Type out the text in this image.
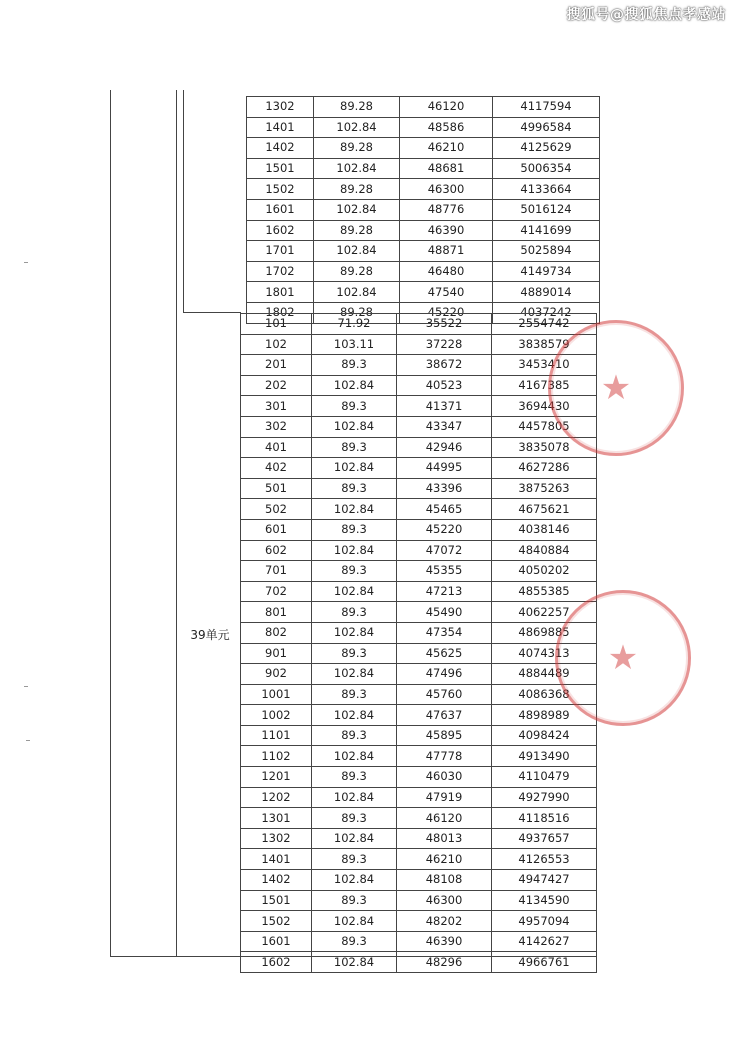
搜狐号@搜狐焦点孝感站
39单元
1302	89.28	46120	4117594
1401	102.84	48586	4996584
1402	89.28	46210	4125629
1501	102.84	48681	5006354
1502	89.28	46300	4133664
1601	102.84	48776	5016124
1602	89.28	46390	4141699
1701	102.84	48871	5025894
1702	89.28	46480	4149734
1801	102.84	47540	4889014
1802	89.28	45220	4037242
101	71.92	35522	2554742
102	103.11	37228	3838579
201	89.3	38672	3453410
202	102.84	40523	4167385
301	89.3	41371	3694430
302	102.84	43347	4457805
401	89.3	42946	3835078
402	102.84	44995	4627286
501	89.3	43396	3875263
502	102.84	45465	4675621
601	89.3	45220	4038146
602	102.84	47072	4840884
701	89.3	45355	4050202
702	102.84	47213	4855385
801	89.3	45490	4062257
802	102.84	47354	4869885
901	89.3	45625	4074313
902	102.84	47496	4884489
1001	89.3	45760	4086368
1002	102.84	47637	4898989
1101	89.3	45895	4098424
1102	102.84	47778	4913490
1201	89.3	46030	4110479
1202	102.84	47919	4927990
1301	89.3	46120	4118516
1302	102.84	48013	4937657
1401	89.3	46210	4126553
1402	102.84	48108	4947427
1501	89.3	46300	4134590
1502	102.84	48202	4957094
1601	89.3	46390	4142627
1602	102.84	48296	4966761
★
★
